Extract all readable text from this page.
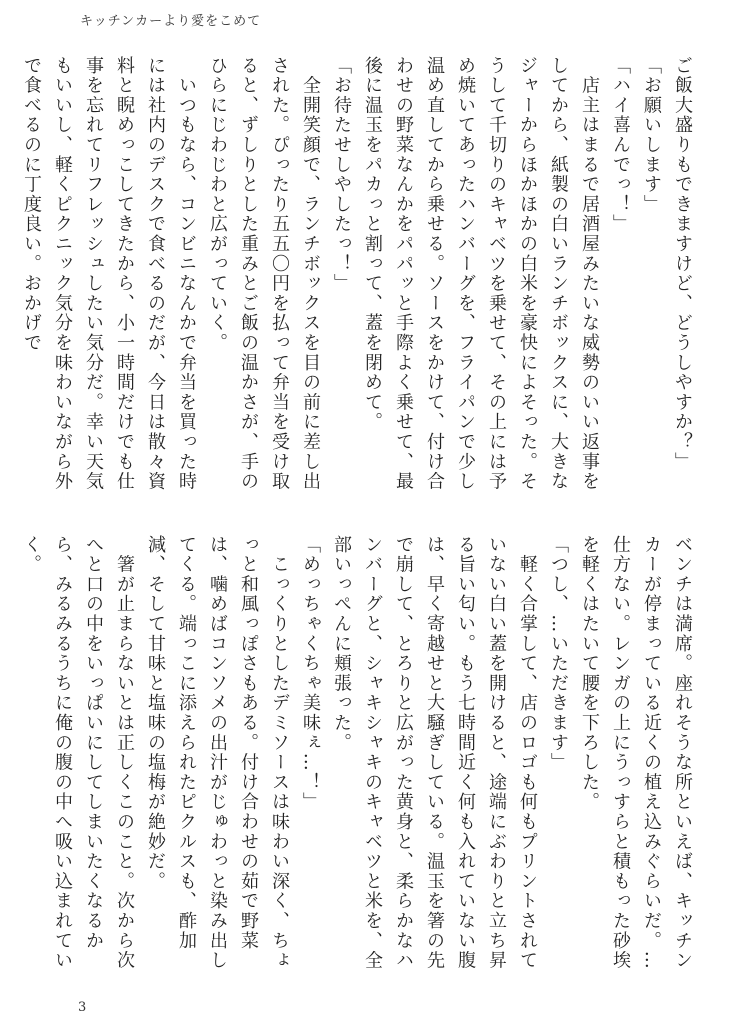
キッチンカーより愛をこめて

ご飯大盛りもできますけど、どうしやすか？」

「お願いします」

「ハイ喜んでっ！」

　店主はまるで居酒屋みたいな威勢のいい返事をしてから、紙製の白いランチボックスに、大きなジャーからほかほかの白米を豪快によそった。そうして千切りのキャベツを乗せて、その上には予め焼いてあったハンバーグを、フライパンで少し温め直してから乗せる。ソースをかけて、付け合わせの野菜なんかをパパッと手際よく乗せて、最後に温玉をパカっと割って、蓋を閉めて。

「お待たせしやしたっ！」

　全開笑顔で、ランチボックスを目の前に差し出された。ぴったり五五〇円を払って弁当を受け取ると、ずしりとした重みとご飯の温かさが、手のひらにじわじわと広がっていく。

　いつもなら、コンビニなんかで弁当を買った時には社内のデスクで食べるのだが、今日は散々資料と睨めっこしてきたから、小一時間だけでも仕事を忘れてリフレッシュしたい気分だ。幸い天気もいいし、軽くピクニック気分を味わいながら外で食べるのに丁度良い。おかげで

ベンチは満席。座れそうな所といえば、キッチンカーが停まっている近くの植え込みぐらいだ。…仕方ない。レンガの上にうっすらと積もった砂埃を軽くはたいて腰を下ろした。

「つし、…いただきます」

　軽く合掌して、店のロゴも何もプリントされていない白い蓋を開けると、途端にぶわりと立ち昇る旨い匂い。もう七時間近く何も入れていない腹は、早く寄越せと大騒ぎしている。温玉を箸の先で崩して、とろりと広がった黄身と、柔らかなハンバーグと、シャキシャキのキャベツと米を、全部いっぺんに頬張った。

「めっちゃくちゃ美味ぇ…！」

　こっくりとしたデミソースは味わい深く、ちょっと和風っぽさもある。付け合わせの茹で野菜は、噛めばコンソメの出汁がじゅわっと染み出してくる。端っこに添えられたピクルスも、酢加減、そして甘味と塩味の塩梅が絶妙だ。

　箸が止まらないとは正しくこのこと。次から次へと口の中をいっぱいにしてしまいたくなるから、みるみるうちに俺の腹の中へ吸い込まれていく。

3
